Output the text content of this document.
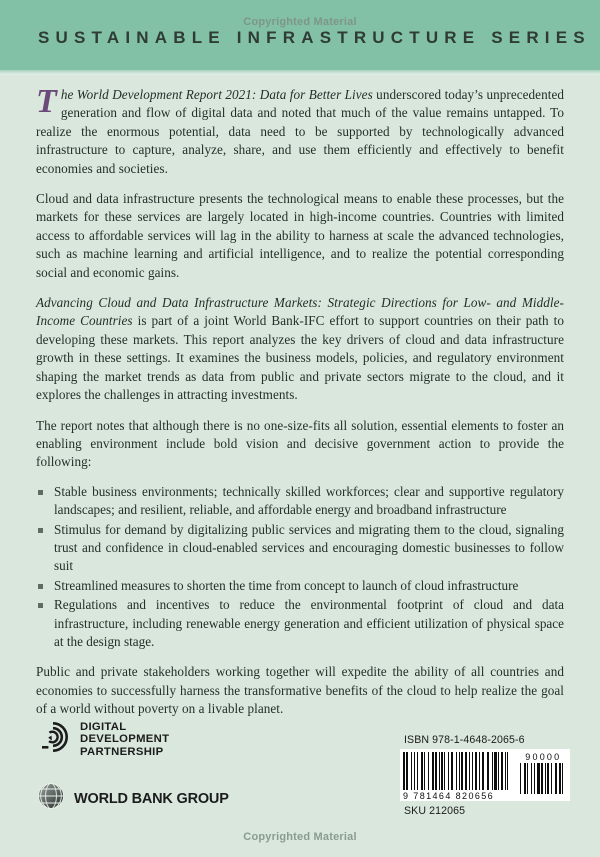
Copyrighted Material
SUSTAINABLE INFRASTRUCTURE SERIES

The World Development Report 2021: Data for Better Lives underscored today’s unprecedented generation and flow of digital data and noted that much of the value remains untapped. To realize the enormous potential, data need to be supported by technologically advanced infrastructure to capture, analyze, share, and use them efficiently and effectively to benefit economies and societies.

Cloud and data infrastructure presents the technological means to enable these processes, but the markets for these services are largely located in high-income countries. Countries with limited access to affordable services will lag in the ability to harness at scale the advanced technologies, such as machine learning and artificial intelligence, and to realize the potential corresponding social and economic gains.

Advancing Cloud and Data Infrastructure Markets: Strategic Directions for Low- and Middle-Income Countries is part of a joint World Bank-IFC effort to support countries on their path to developing these markets. This report analyzes the key drivers of cloud and data infrastructure growth in these settings. It examines the business models, policies, and regulatory environment shaping the market trends as data from public and private sectors migrate to the cloud, and it explores the challenges in attracting investments.

The report notes that although there is no one-size-fits all solution, essential elements to foster an enabling environment include bold vision and decisive government action to provide the following:

Stable business environments; technically skilled workforces; clear and supportive regulatory landscapes; and resilient, reliable, and affordable energy and broadband infrastructure
Stimulus for demand by digitalizing public services and migrating them to the cloud, signaling trust and confidence in cloud-enabled services and encouraging domestic businesses to follow suit
Streamlined measures to shorten the time from concept to launch of cloud infrastructure
Regulations and incentives to reduce the environmental footprint of cloud and data infrastructure, including renewable energy generation and efficient utilization of physical space at the design stage.

Public and private stakeholders working together will expedite the ability of all countries and economies to successfully harness the transformative benefits of the cloud to help realize the goal of a world without poverty on a livable planet.

DIGITAL
DEVELOPMENT
PARTNERSHIP
WORLD BANK GROUP
ISBN 978-1-4648-2065-6
9 781464 820656
90000
SKU 212065
Copyrighted Material
